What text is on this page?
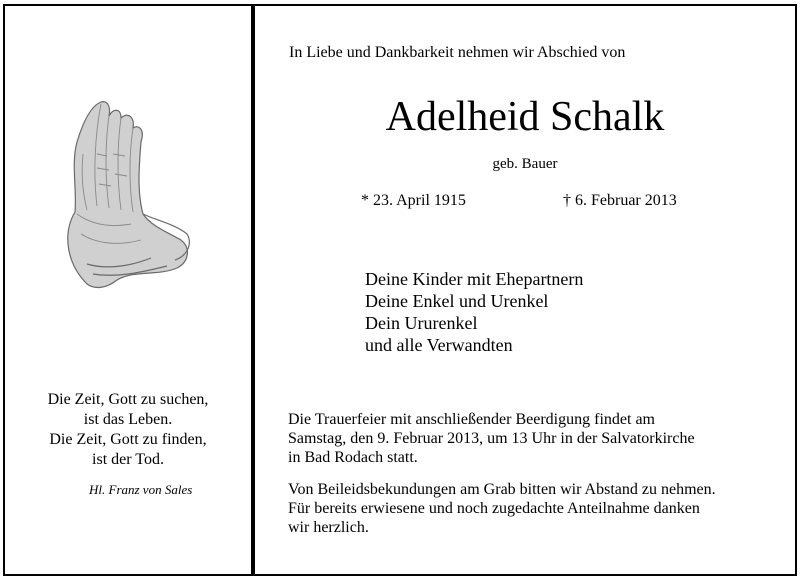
Die Zeit, Gott zu suchen,
ist das Leben.
Die Zeit, Gott zu finden,
ist der Tod.
Hl. Franz von Sales
In Liebe und Dankbarkeit nehmen wir Abschied von
Adelheid Schalk
geb. Bauer
* 23. April 1915	† 6. Februar 2013
Deine Kinder mit Ehepartnern
Deine Enkel und Urenkel
Dein Ururenkel
und alle Verwandten
Die Trauerfeier mit anschließender Beerdigung findet am
Samstag, den 9. Februar 2013, um 13 Uhr in der Salvatorkirche
in Bad Rodach statt.
Von Beileidsbekundungen am Grab bitten wir Abstand zu nehmen.
Für bereits erwiesene und noch zugedachte Anteilnahme danken
wir herzlich.
